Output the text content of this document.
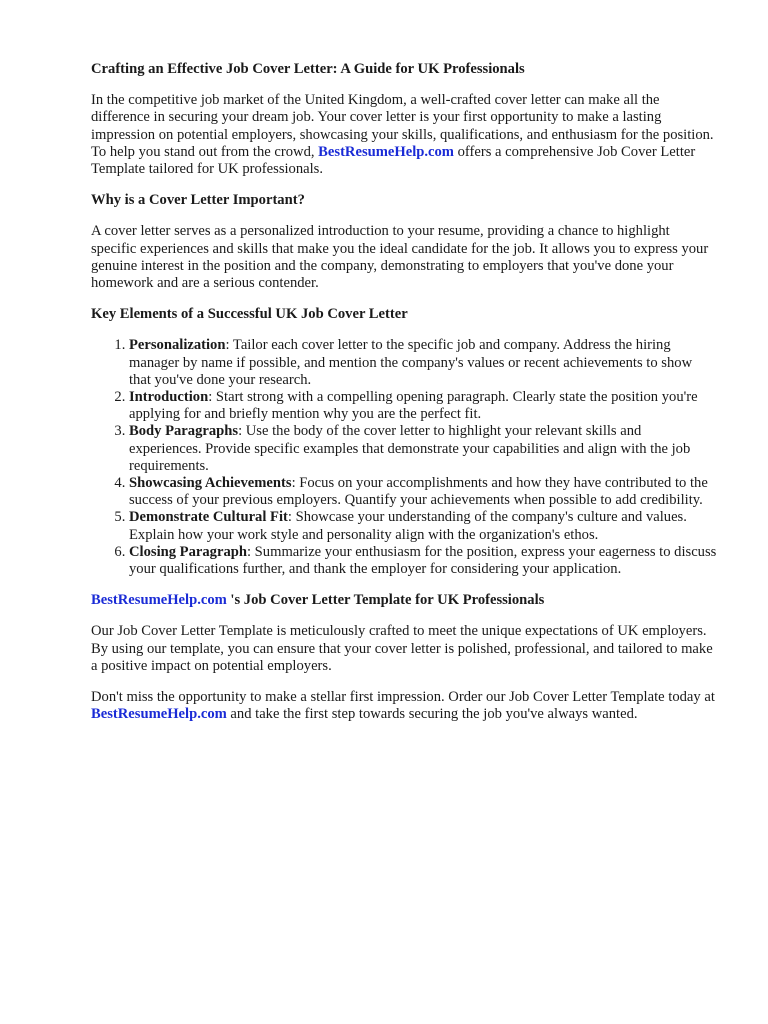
Crafting an Effective Job Cover Letter: A Guide for UK Professionals

In the competitive job market of the United Kingdom, a well-crafted cover letter can make all the difference in securing your dream job. Your cover letter is your first opportunity to make a lasting impression on potential employers, showcasing your skills, qualifications, and enthusiasm for the position. To help you stand out from the crowd, BestResumeHelp.com offers a comprehensive Job Cover Letter Template tailored for UK professionals.

Why is a Cover Letter Important?

A cover letter serves as a personalized introduction to your resume, providing a chance to highlight specific experiences and skills that make you the ideal candidate for the job. It allows you to express your genuine interest in the position and the company, demonstrating to employers that you've done your homework and are a serious contender.

Key Elements of a Successful UK Job Cover Letter
1. Personalization: Tailor each cover letter to the specific job and company. Address the hiring manager by name if possible, and mention the company's values or recent achievements to show that you've done your research.
2. Introduction: Start strong with a compelling opening paragraph. Clearly state the position you're applying for and briefly mention why you are the perfect fit.
3. Body Paragraphs: Use the body of the cover letter to highlight your relevant skills and experiences. Provide specific examples that demonstrate your capabilities and align with the job requirements.
4. Showcasing Achievements: Focus on your accomplishments and how they have contributed to the success of your previous employers. Quantify your achievements when possible to add credibility.
5. Demonstrate Cultural Fit: Showcase your understanding of the company's culture and values. Explain how your work style and personality align with the organization's ethos.
6. Closing Paragraph: Summarize your enthusiasm for the position, express your eagerness to discuss your qualifications further, and thank the employer for considering your application.
BestResumeHelp.com 's Job Cover Letter Template for UK Professionals

Our Job Cover Letter Template is meticulously crafted to meet the unique expectations of UK employers. By using our template, you can ensure that your cover letter is polished, professional, and tailored to make a positive impact on potential employers.

Don't miss the opportunity to make a stellar first impression. Order our Job Cover Letter Template today at BestResumeHelp.com and take the first step towards securing the job you've always wanted.
